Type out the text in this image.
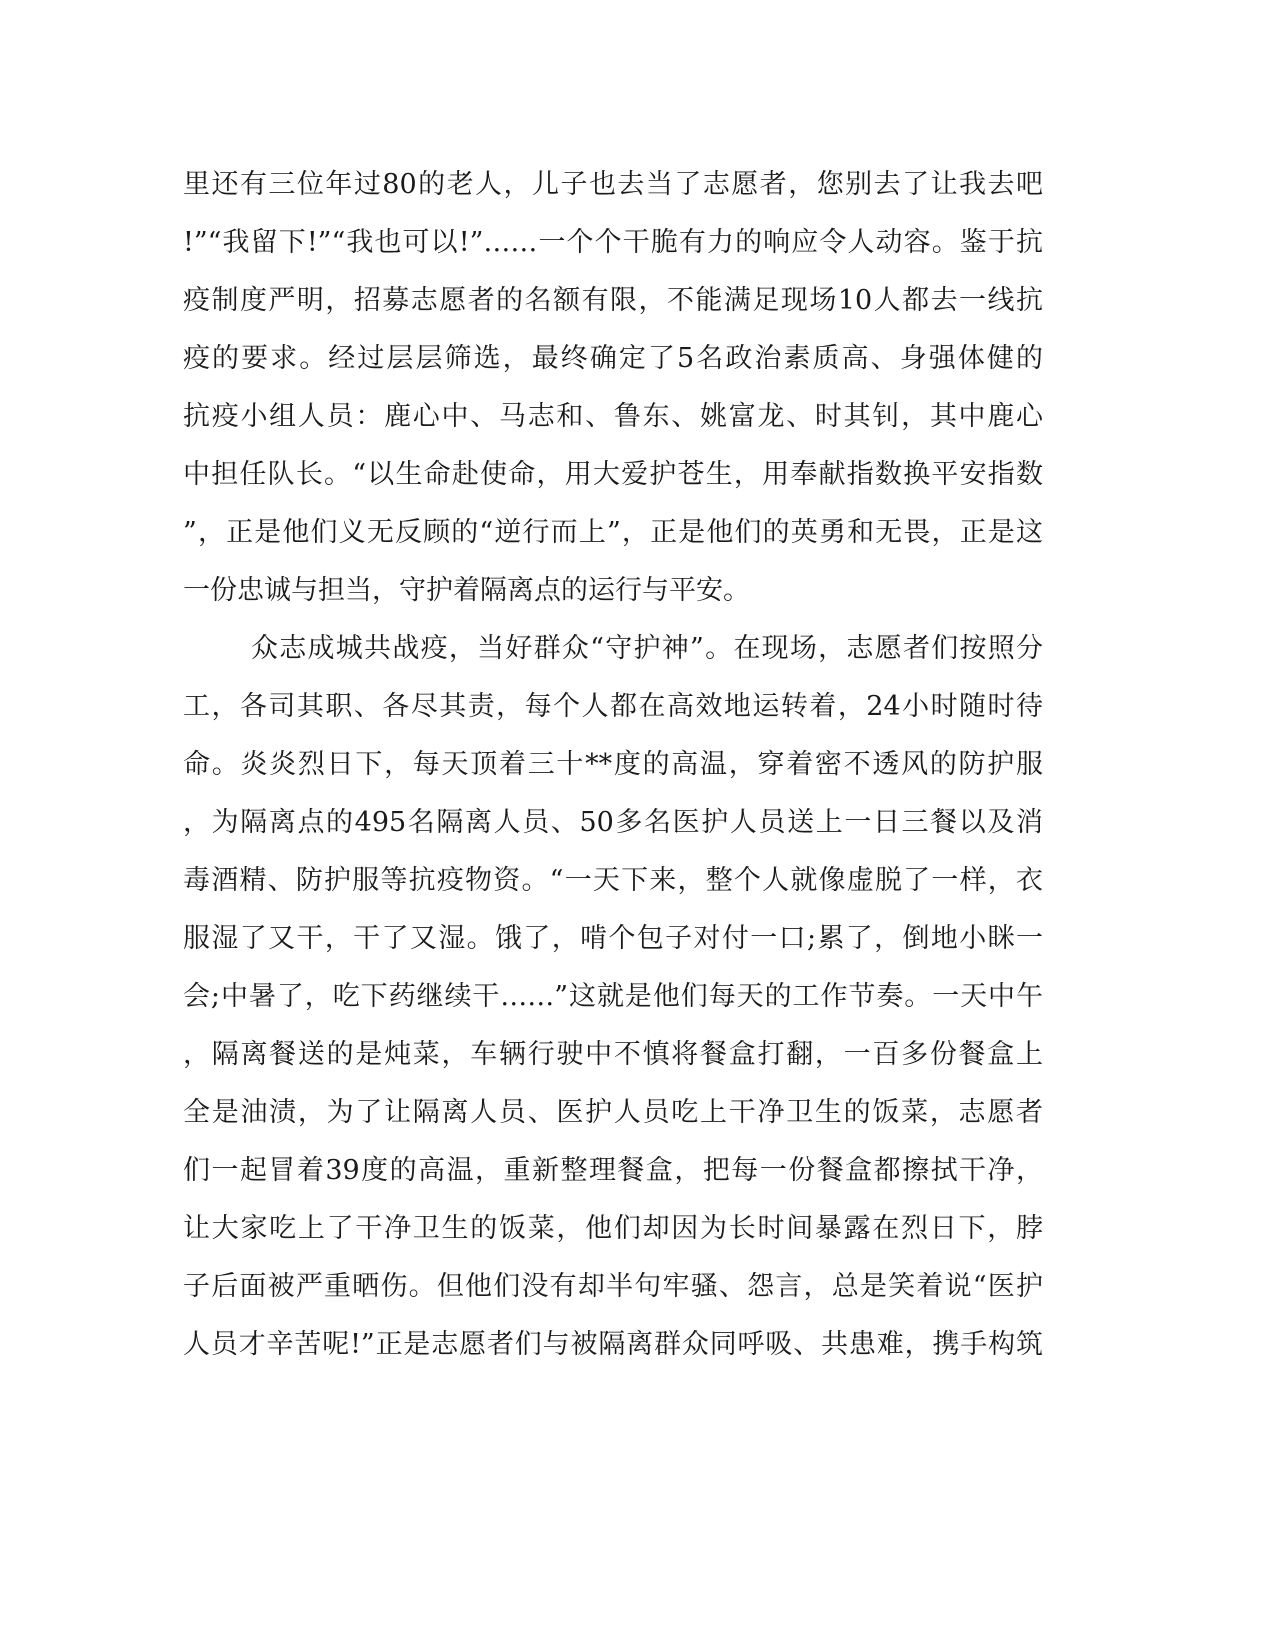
里还有三位年过80的老人，儿子也去当了志愿者，您别去了让我去吧
!”“我留下!”“我也可以!”……一个个干脆有力的响应令人动容。鉴于抗
疫制度严明，招募志愿者的名额有限，不能满足现场10人都去一线抗
疫的要求。经过层层筛选，最终确定了5名政治素质高、身强体健的
抗疫小组人员：鹿心中、马志和、鲁东、姚富龙、时其钊，其中鹿心
中担任队长。“以生命赴使命，用大爱护苍生，用奉献指数换平安指数
”，正是他们义无反顾的“逆行而上”，正是他们的英勇和无畏，正是这
一份忠诚与担当，守护着隔离点的运行与平安。
众志成城共战疫，当好群众“守护神”。在现场，志愿者们按照分
工，各司其职、各尽其责，每个人都在高效地运转着，24小时随时待
命。炎炎烈日下，每天顶着三十**度的高温，穿着密不透风的防护服
，为隔离点的495名隔离人员、50多名医护人员送上一日三餐以及消
毒酒精、防护服等抗疫物资。“一天下来，整个人就像虚脱了一样，衣
服湿了又干，干了又湿。饿了，啃个包子对付一口;累了，倒地小眯一
会;中暑了，吃下药继续干……”这就是他们每天的工作节奏。一天中午
，隔离餐送的是炖菜，车辆行驶中不慎将餐盒打翻，一百多份餐盒上
全是油渍，为了让隔离人员、医护人员吃上干净卫生的饭菜，志愿者
们一起冒着39度的高温，重新整理餐盒，把每一份餐盒都擦拭干净，
让大家吃上了干净卫生的饭菜，他们却因为长时间暴露在烈日下，脖
子后面被严重晒伤。但他们没有却半句牢骚、怨言，总是笑着说“医护
人员才辛苦呢!”正是志愿者们与被隔离群众同呼吸、共患难，携手构筑
